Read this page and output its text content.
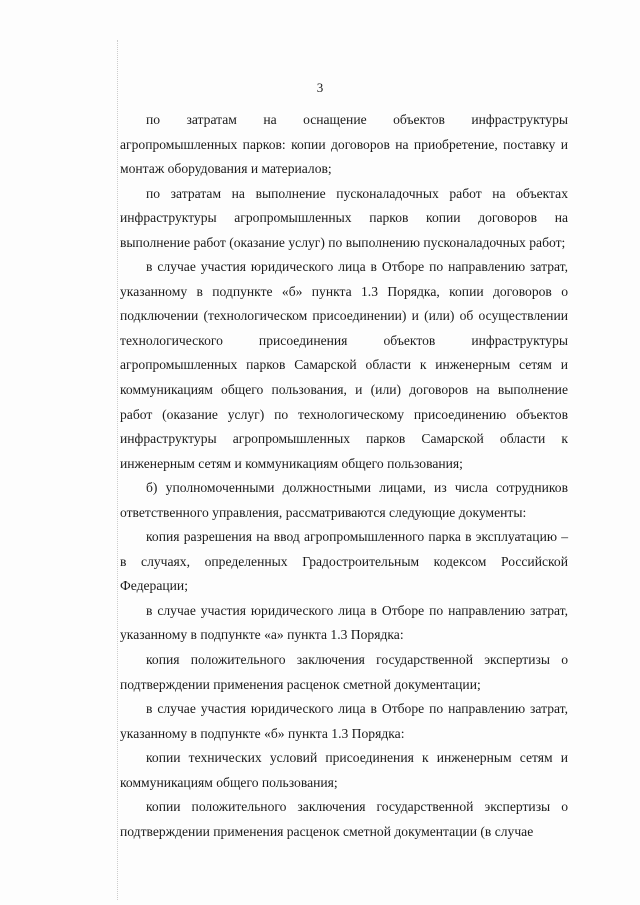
3

по затратам на оснащение объектов инфраструктуры агропромышленных парков: копии договоров на приобретение, поставку и монтаж оборудования и материалов;

по затратам на выполнение пусконаладочных работ на объектах инфраструктуры агропромышленных парков копии договоров на выполнение работ (оказание услуг) по выполнению пусконаладочных работ;

в случае участия юридического лица в Отборе по направлению затрат, указанному в подпункте «б» пункта 1.3 Порядка, копии договоров о подключении (технологическом присоединении) и (или) об осуществлении технологического присоединения объектов инфраструктуры агропромышленных парков Самарской области к инженерным сетям и коммуникациям общего пользования, и (или) договоров на выполнение работ (оказание услуг) по технологическому присоединению объектов инфраструктуры агропромышленных парков Самарской области к инженерным сетям и коммуникациям общего пользования;

б) уполномоченными должностными лицами, из числа сотрудников ответственного управления, рассматриваются следующие документы:

копия разрешения на ввод агропромышленного парка в эксплуатацию – в случаях, определенных Градостроительным кодексом Российской Федерации;

в случае участия юридического лица в Отборе по направлению затрат, указанному в подпункте «а» пункта 1.3 Порядка:

копия положительного заключения государственной экспертизы о подтверждении применения расценок сметной документации;

в случае участия юридического лица в Отборе по направлению затрат, указанному в подпункте «б» пункта 1.3 Порядка:

копии технических условий присоединения к инженерным сетям и коммуникациям общего пользования;

копии положительного заключения государственной экспертизы о подтверждении применения расценок сметной документации (в случае
